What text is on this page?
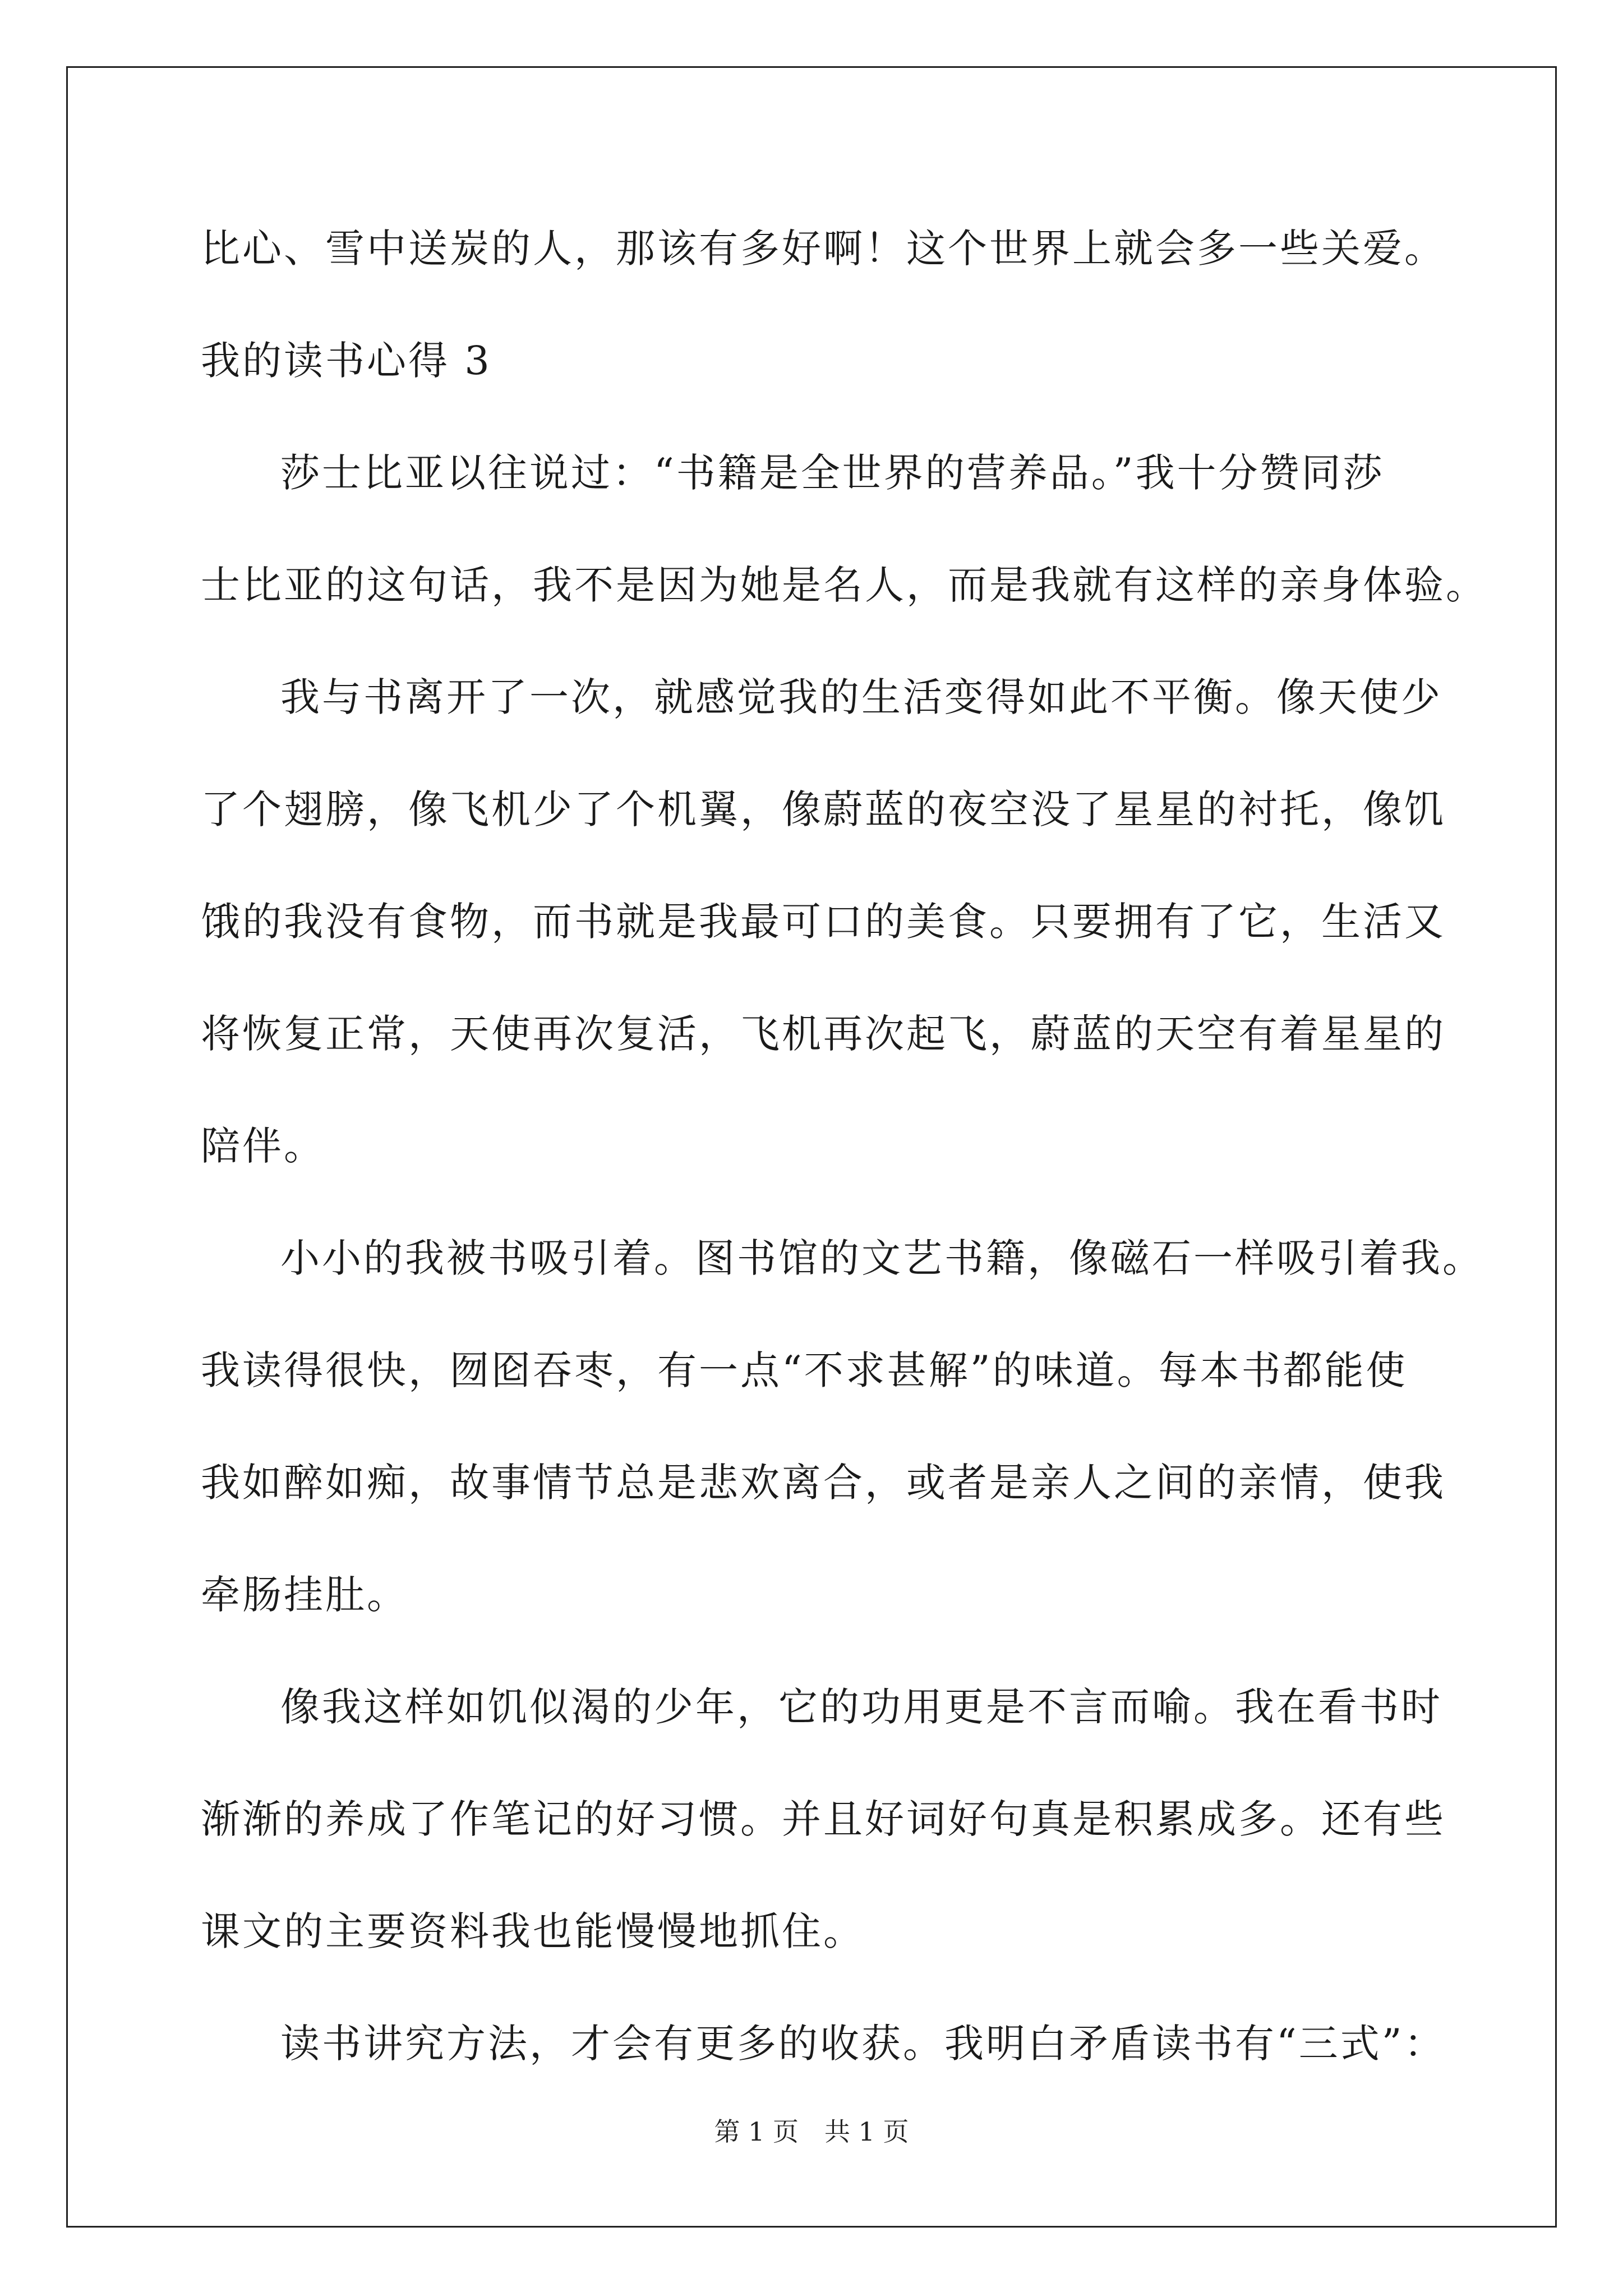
比心、雪中送炭的人，那该有多好啊！这个世界上就会多一些关爱。
我的读书心得 3
莎士比亚以往说过：“书籍是全世界的营养品。”我十分赞同莎
士比亚的这句话，我不是因为她是名人，而是我就有这样的亲身体验。
我与书离开了一次，就感觉我的生活变得如此不平衡。像天使少
了个翅膀，像飞机少了个机翼，像蔚蓝的夜空没了星星的衬托，像饥
饿的我没有食物，而书就是我最可口的美食。只要拥有了它，生活又
将恢复正常，天使再次复活，飞机再次起飞，蔚蓝的天空有着星星的
陪伴。
小小的我被书吸引着。图书馆的文艺书籍，像磁石一样吸引着我。
我读得很快，囫囵吞枣，有一点“不求甚解”的味道。每本书都能使
我如醉如痴，故事情节总是悲欢离合，或者是亲人之间的亲情，使我
牵肠挂肚。
像我这样如饥似渴的少年，它的功用更是不言而喻。我在看书时
渐渐的养成了作笔记的好习惯。并且好词好句真是积累成多。还有些
课文的主要资料我也能慢慢地抓住。
读书讲究方法，才会有更多的收获。我明白矛盾读书有“三式”：
第 1 页　共 1 页
